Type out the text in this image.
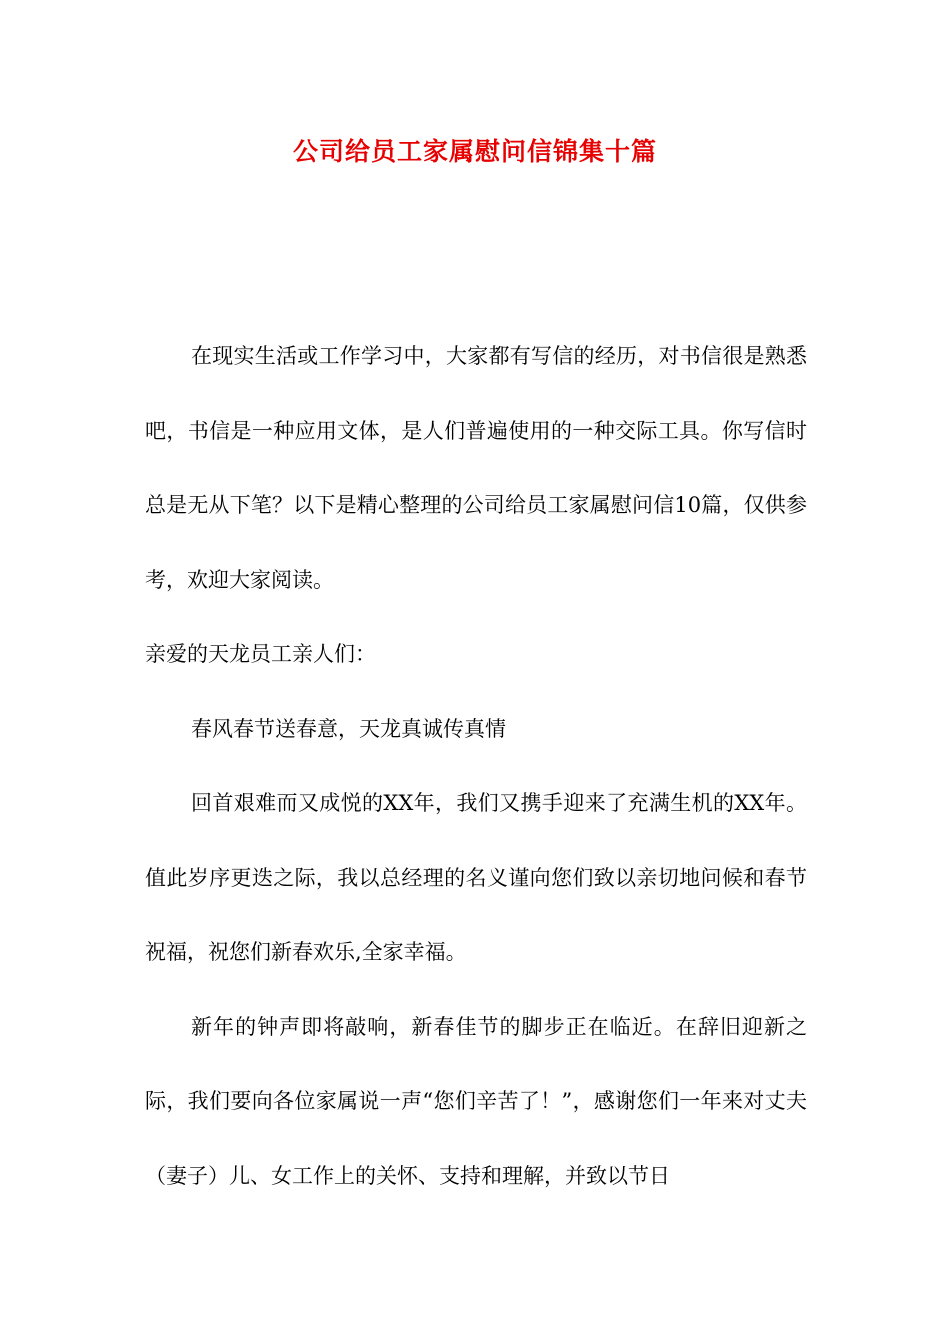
公司给员工家属慰问信锦集十篇

在现实生活或工作学习中，大家都有写信的经历，对书信很是熟悉吧，书信是一种应用文体，是人们普遍使用的一种交际工具。你写信时总是无从下笔？以下是精心整理的公司给员工家属慰问信10篇，仅供参考，欢迎大家阅读。

亲爱的天龙员工亲人们：

春风春节送春意，天龙真诚传真情

回首艰难而又成悦的XX年，我们又携手迎来了充满生机的XX年。值此岁序更迭之际，我以总经理的名义谨向您们致以亲切地问候和春节祝福，祝您们新春欢乐,全家幸福。

新年的钟声即将敲响，新春佳节的脚步正在临近。在辞旧迎新之际，我们要向各位家属说一声“您们辛苦了！”，感谢您们一年来对丈夫（妻子）儿、女工作上的关怀、支持和理解，并致以节日
